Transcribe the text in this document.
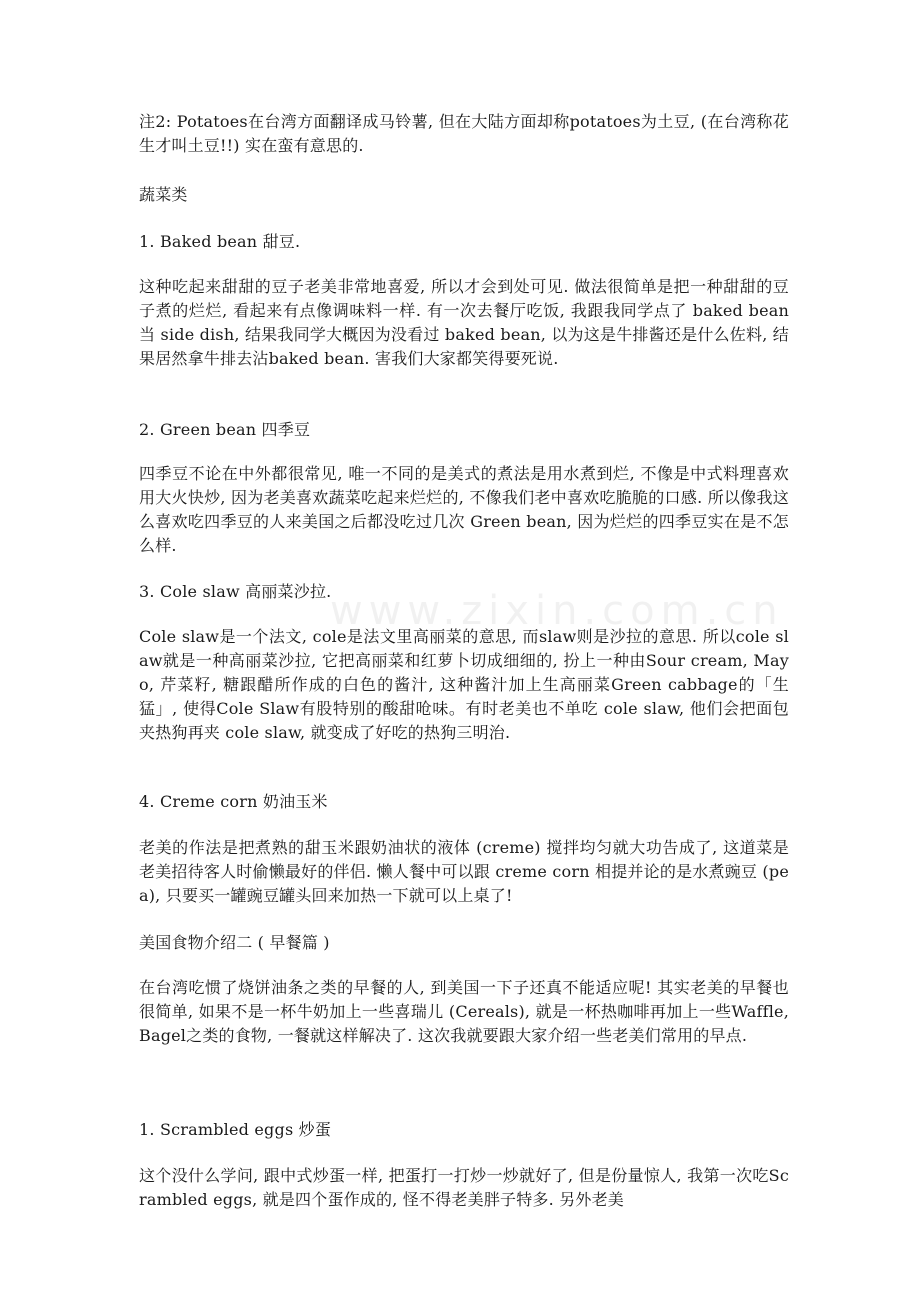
www.zixin.com.cn

注2: Potatoes在台湾方面翻译成马铃薯, 但在大陆方面却称potatoes为土豆, (在台湾称花生才叫土豆!!) 实在蛮有意思的.

蔬菜类

1. Baked bean 甜豆.

这种吃起来甜甜的豆子老美非常地喜爱, 所以才会到处可见. 做法很简单是把一种甜甜的豆子煮的烂烂, 看起来有点像调味料一样. 有一次去餐厅吃饭, 我跟我同学点了 baked bean 当 side dish, 结果我同学大概因为没看过 baked bean, 以为这是牛排酱还是什么佐料, 结果居然拿牛排去沾baked bean. 害我们大家都笑得要死说.

2. Green bean 四季豆

四季豆不论在中外都很常见, 唯一不同的是美式的煮法是用水煮到烂, 不像是中式料理喜欢用大火快炒, 因为老美喜欢蔬菜吃起来烂烂的, 不像我们老中喜欢吃脆脆的口感. 所以像我这么喜欢吃四季豆的人来美国之后都没吃过几次 Green bean, 因为烂烂的四季豆实在是不怎么样.

3. Cole slaw 高丽菜沙拉.

Cole slaw是一个法文, cole是法文里高丽菜的意思, 而slaw则是沙拉的意思. 所以cole slaw就是一种高丽菜沙拉, 它把高丽菜和红萝卜切成细细的, 扮上一种由Sour cream, Mayo, 芹菜籽, 糖跟醋所作成的白色的酱汁, 这种酱汁加上生高丽菜Green cabbage的「生猛」, 使得Cole Slaw有股特别的酸甜呛味。有时老美也不单吃 cole slaw, 他们会把面包夹热狗再夹 cole slaw, 就变成了好吃的热狗三明治.

4. Creme corn 奶油玉米

老美的作法是把煮熟的甜玉米跟奶油状的液体 (creme) 搅拌均匀就大功告成了, 这道菜是老美招待客人时偷懒最好的伴侣. 懒人餐中可以跟 creme corn 相提并论的是水煮豌豆 (pea), 只要买一罐豌豆罐头回来加热一下就可以上桌了!

美国食物介绍二 ( 早餐篇 )

在台湾吃惯了烧饼油条之类的早餐的人, 到美国一下子还真不能适应呢! 其实老美的早餐也很简单, 如果不是一杯牛奶加上一些喜瑞儿 (Cereals), 就是一杯热咖啡再加上一些Waffle, Bagel之类的食物, 一餐就这样解决了. 这次我就要跟大家介绍一些老美们常用的早点.

1. Scrambled eggs 炒蛋

这个没什么学问, 跟中式炒蛋一样, 把蛋打一打炒一炒就好了, 但是份量惊人, 我第一次吃Scrambled eggs, 就是四个蛋作成的, 怪不得老美胖子特多. 另外老美
